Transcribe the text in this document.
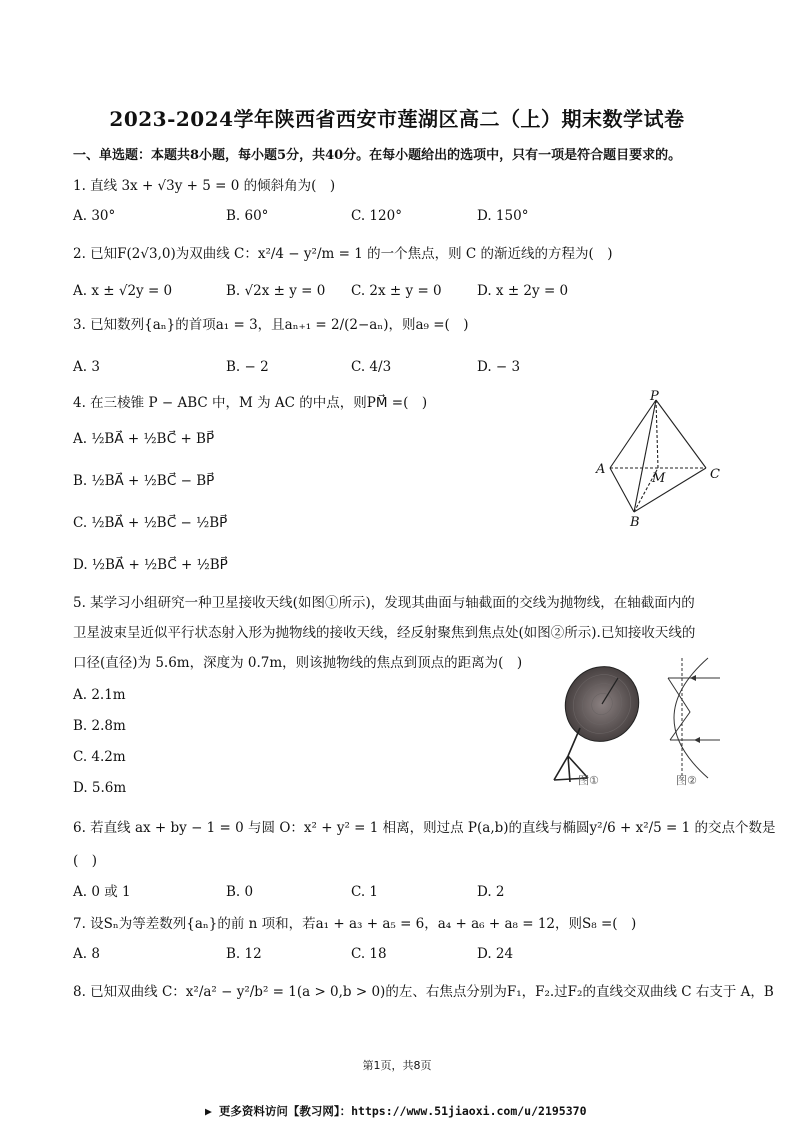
2023-2024学年陕西省西安市莲湖区高二（上）期末数学试卷
一、单选题：本题共8小题，每小题5分，共40分。在每小题给出的选项中，只有一项是符合题目要求的。
1. 直线 3x + √3y + 5 = 0 的倾斜角为(　)
A. 30°	B. 60°	C. 120°	D. 150°
2. 已知F(2√3,0)为双曲线 C：x²/4 − y²/m = 1 的一个焦点，则 C 的渐近线的方程为(　)
A. x ± √2y = 0	B. √2x ± y = 0 C. 2x ± y = 0	D. x ± 2y = 0
3. 已知数列{aₙ}的首项a₁ = 3，且aₙ₊₁ = 2/(2−aₙ)，则a₉ =(　)
A. 3	B. − 2	C. 4/3	D. − 3
4. 在三棱锥 P − ABC 中，M 为 AC 的中点，则PM⃗ =(　)
A. ½BA⃗ + ½BC⃗ + BP⃗
B. ½BA⃗ + ½BC⃗ − BP⃗
C. ½BA⃗ + ½BC⃗ − ½BP⃗
D. ½BA⃗ + ½BC⃗ + ½BP⃗
P
A
B
C
M
5. 某学习小组研究一种卫星接收天线(如图①所示)，发现其曲面与轴截面的交线为抛物线，在轴截面内的
卫星波束呈近似平行状态射入形为抛物线的接收天线，经反射聚焦到焦点处(如图②所示).已知接收天线的
口径(直径)为 5.6m，深度为 0.7m，则该抛物线的焦点到顶点的距离为(　)
A. 2.1m
B. 2.8m
C. 4.2m
D. 5.6m	图①	图②
6. 若直线 ax + by − 1 = 0 与圆 O：x² + y² = 1 相离，则过点 P(a,b)的直线与椭圆y²/6 + x²/5 = 1 的交点个数是
(　)
A. 0 或 1	B. 0	C. 1	D. 2
7. 设Sₙ为等差数列{aₙ}的前 n 项和，若a₁ + a₃ + a₅ = 6，a₄ + a₆ + a₈ = 12，则S₈ =(　)
A. 8	B. 12	C. 18	D. 24
8. 已知双曲线 C：x²/a² − y²/b² = 1(a > 0,b > 0)的左、右焦点分别为F₁，F₂.过F₂的直线交双曲线 C 右支于 A，B
第1页，共8页
▶ 更多资料访问【教习网】：https://www.51jiaoxi.com/u/2195370
